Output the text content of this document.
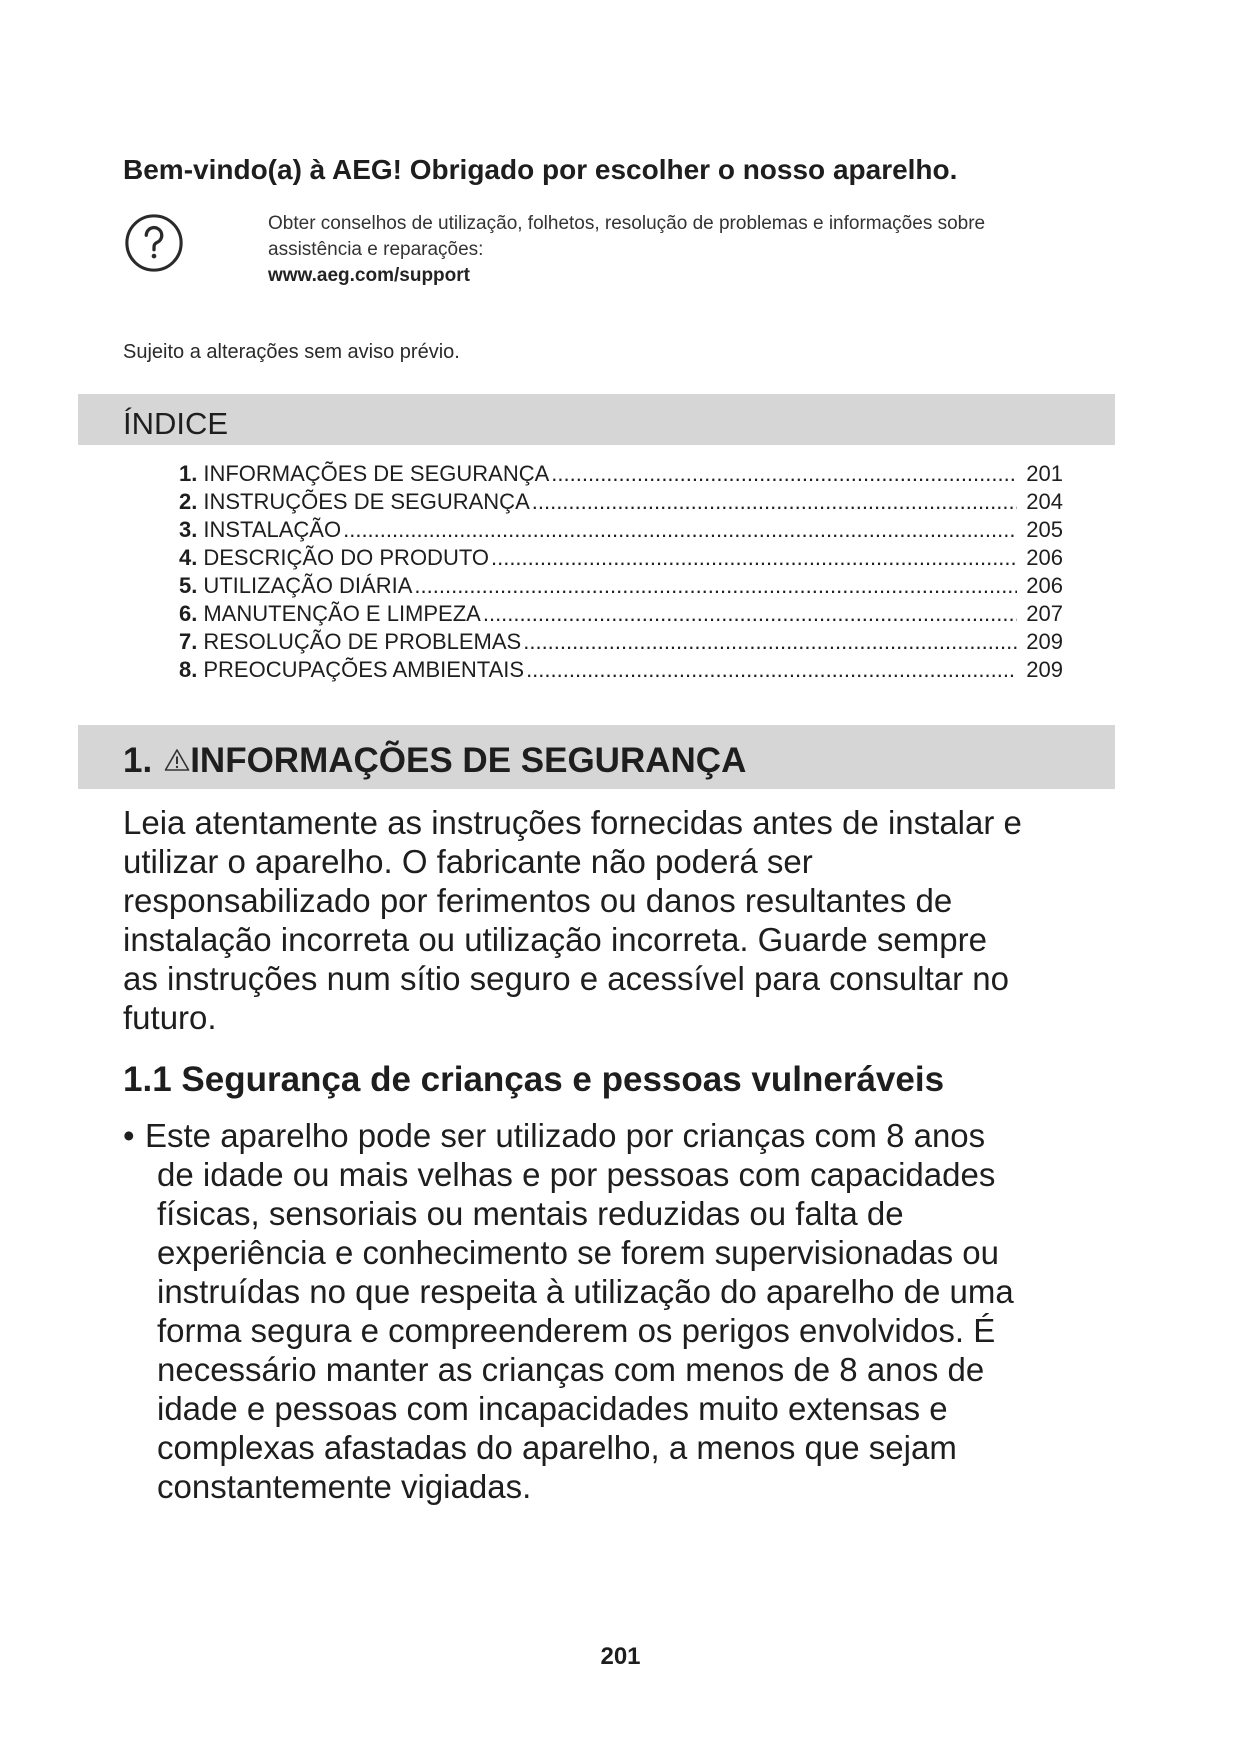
Bem-vindo(a) à AEG! Obrigado por escolher o nosso aparelho.
Obter conselhos de utilização, folhetos, resolução de problemas e informações sobre
assistência e reparações:
www.aeg.com/support
Sujeito a alterações sem aviso prévio.
ÍNDICE
1. INFORMAÇÕES DE SEGURANÇA .....	201
2. INSTRUÇÕES DE SEGURANÇA .....	204
3. INSTALAÇÃO .....	205
4. DESCRIÇÃO DO PRODUTO .....	206
5. UTILIZAÇÃO DIÁRIA .....	206
6. MANUTENÇÃO E LIMPEZA .....	207
7. RESOLUÇÃO DE PROBLEMAS .....	209
8. PREOCUPAÇÕES AMBIENTAIS .....	209
1. INFORMAÇÕES DE SEGURANÇA
Leia atentamente as instruções fornecidas antes de instalar e
utilizar o aparelho. O fabricante não poderá ser
responsabilizado por ferimentos ou danos resultantes de
instalação incorreta ou utilização incorreta. Guarde sempre
as instruções num sítio seguro e acessível para consultar no
futuro.
1.1 Segurança de crianças e pessoas vulneráveis
• Este aparelho pode ser utilizado por crianças com 8 anos
de idade ou mais velhas e por pessoas com capacidades
físicas, sensoriais ou mentais reduzidas ou falta de
experiência e conhecimento se forem supervisionadas ou
instruídas no que respeita à utilização do aparelho de uma
forma segura e compreenderem os perigos envolvidos. É
necessário manter as crianças com menos de 8 anos de
idade e pessoas com incapacidades muito extensas e
complexas afastadas do aparelho, a menos que sejam
constantemente vigiadas.
201
